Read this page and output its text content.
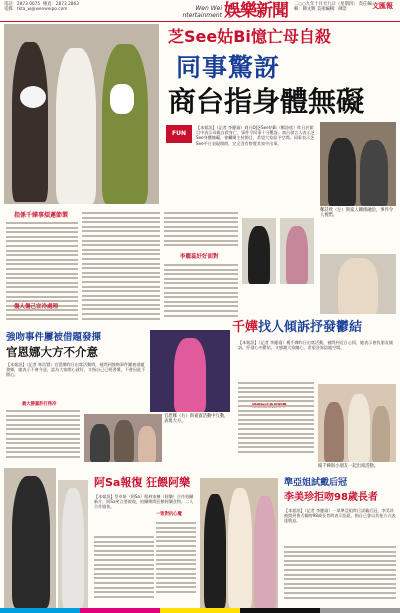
電話：2873 0075 傳真：2873 2863
電郵：tkta_w@wenweipo.com	Wen Wei
ntertainment 娛樂新聞 二○○九年十月廿九日（星期四） 責任編輯：陳文興 美術編輯：陳景	文匯報
芝See姑Bi憶亡母自殺
同事驚訝
商台指身體無礙
FUN
【本報訊】（記者 李慶瑜）商台DJ芝See姑Bi（鄭詩欣）昨日於節目中表示母親自殺身亡，事件令同事十分驚訝。商台發言人表示芝See身體無礙，會繼續主持節目，希望大家給予空間。同事表示芝See平日表現開朗，完全沒有察覺其家中出事。
鄭詩欣（左）與家人關係融洽，事件令人惋惜。
指係千嬅事煩遲節製
傷人傷己宜冷處理
李麗蕊好好面對
千嬅找人傾訴抒發鬱結
【本報訊】（記者 李慶瑜）楊千嬅昨日出席活動，被問到近日心情，她表示會找朋友傾訴，抒發心中鬱結，又感謝大家關心，希望各界給她空間。
楊千嬅與小朋友一起出席活動。
強吻事件屢被借題發揮
官恩娜大方不介意
【本報訊】（記者 林浩賢）官恩娜昨日出席活動時，被問到強吻事件屢被借題發揮，她表示不會介意，認為大家開心就好，又指自己已經習慣，不會因此不開心。
最大勝嘉許打得冷
官恩娜（右）與嘉賓活動中互動，表現大方。
阿Sa報復 狂餵阿樂
【本報訊】蔡卓妍（阿Sa）與林家棟（阿樂）合作拍攝新片，阿Sa笑言要報復，拍攝期間狂餵阿樂食物，二人合作愉快。
一致對抗心魔
準亞姐試戴后冠
李美珍拒吻98歲長者
【本報訊】（記者 李慶瑜）一眾準亞姐昨日試戴后冠，李美珍被問到會否親吻98歲長者時表示拒絕，指自己會以其他方式表達敬意。
